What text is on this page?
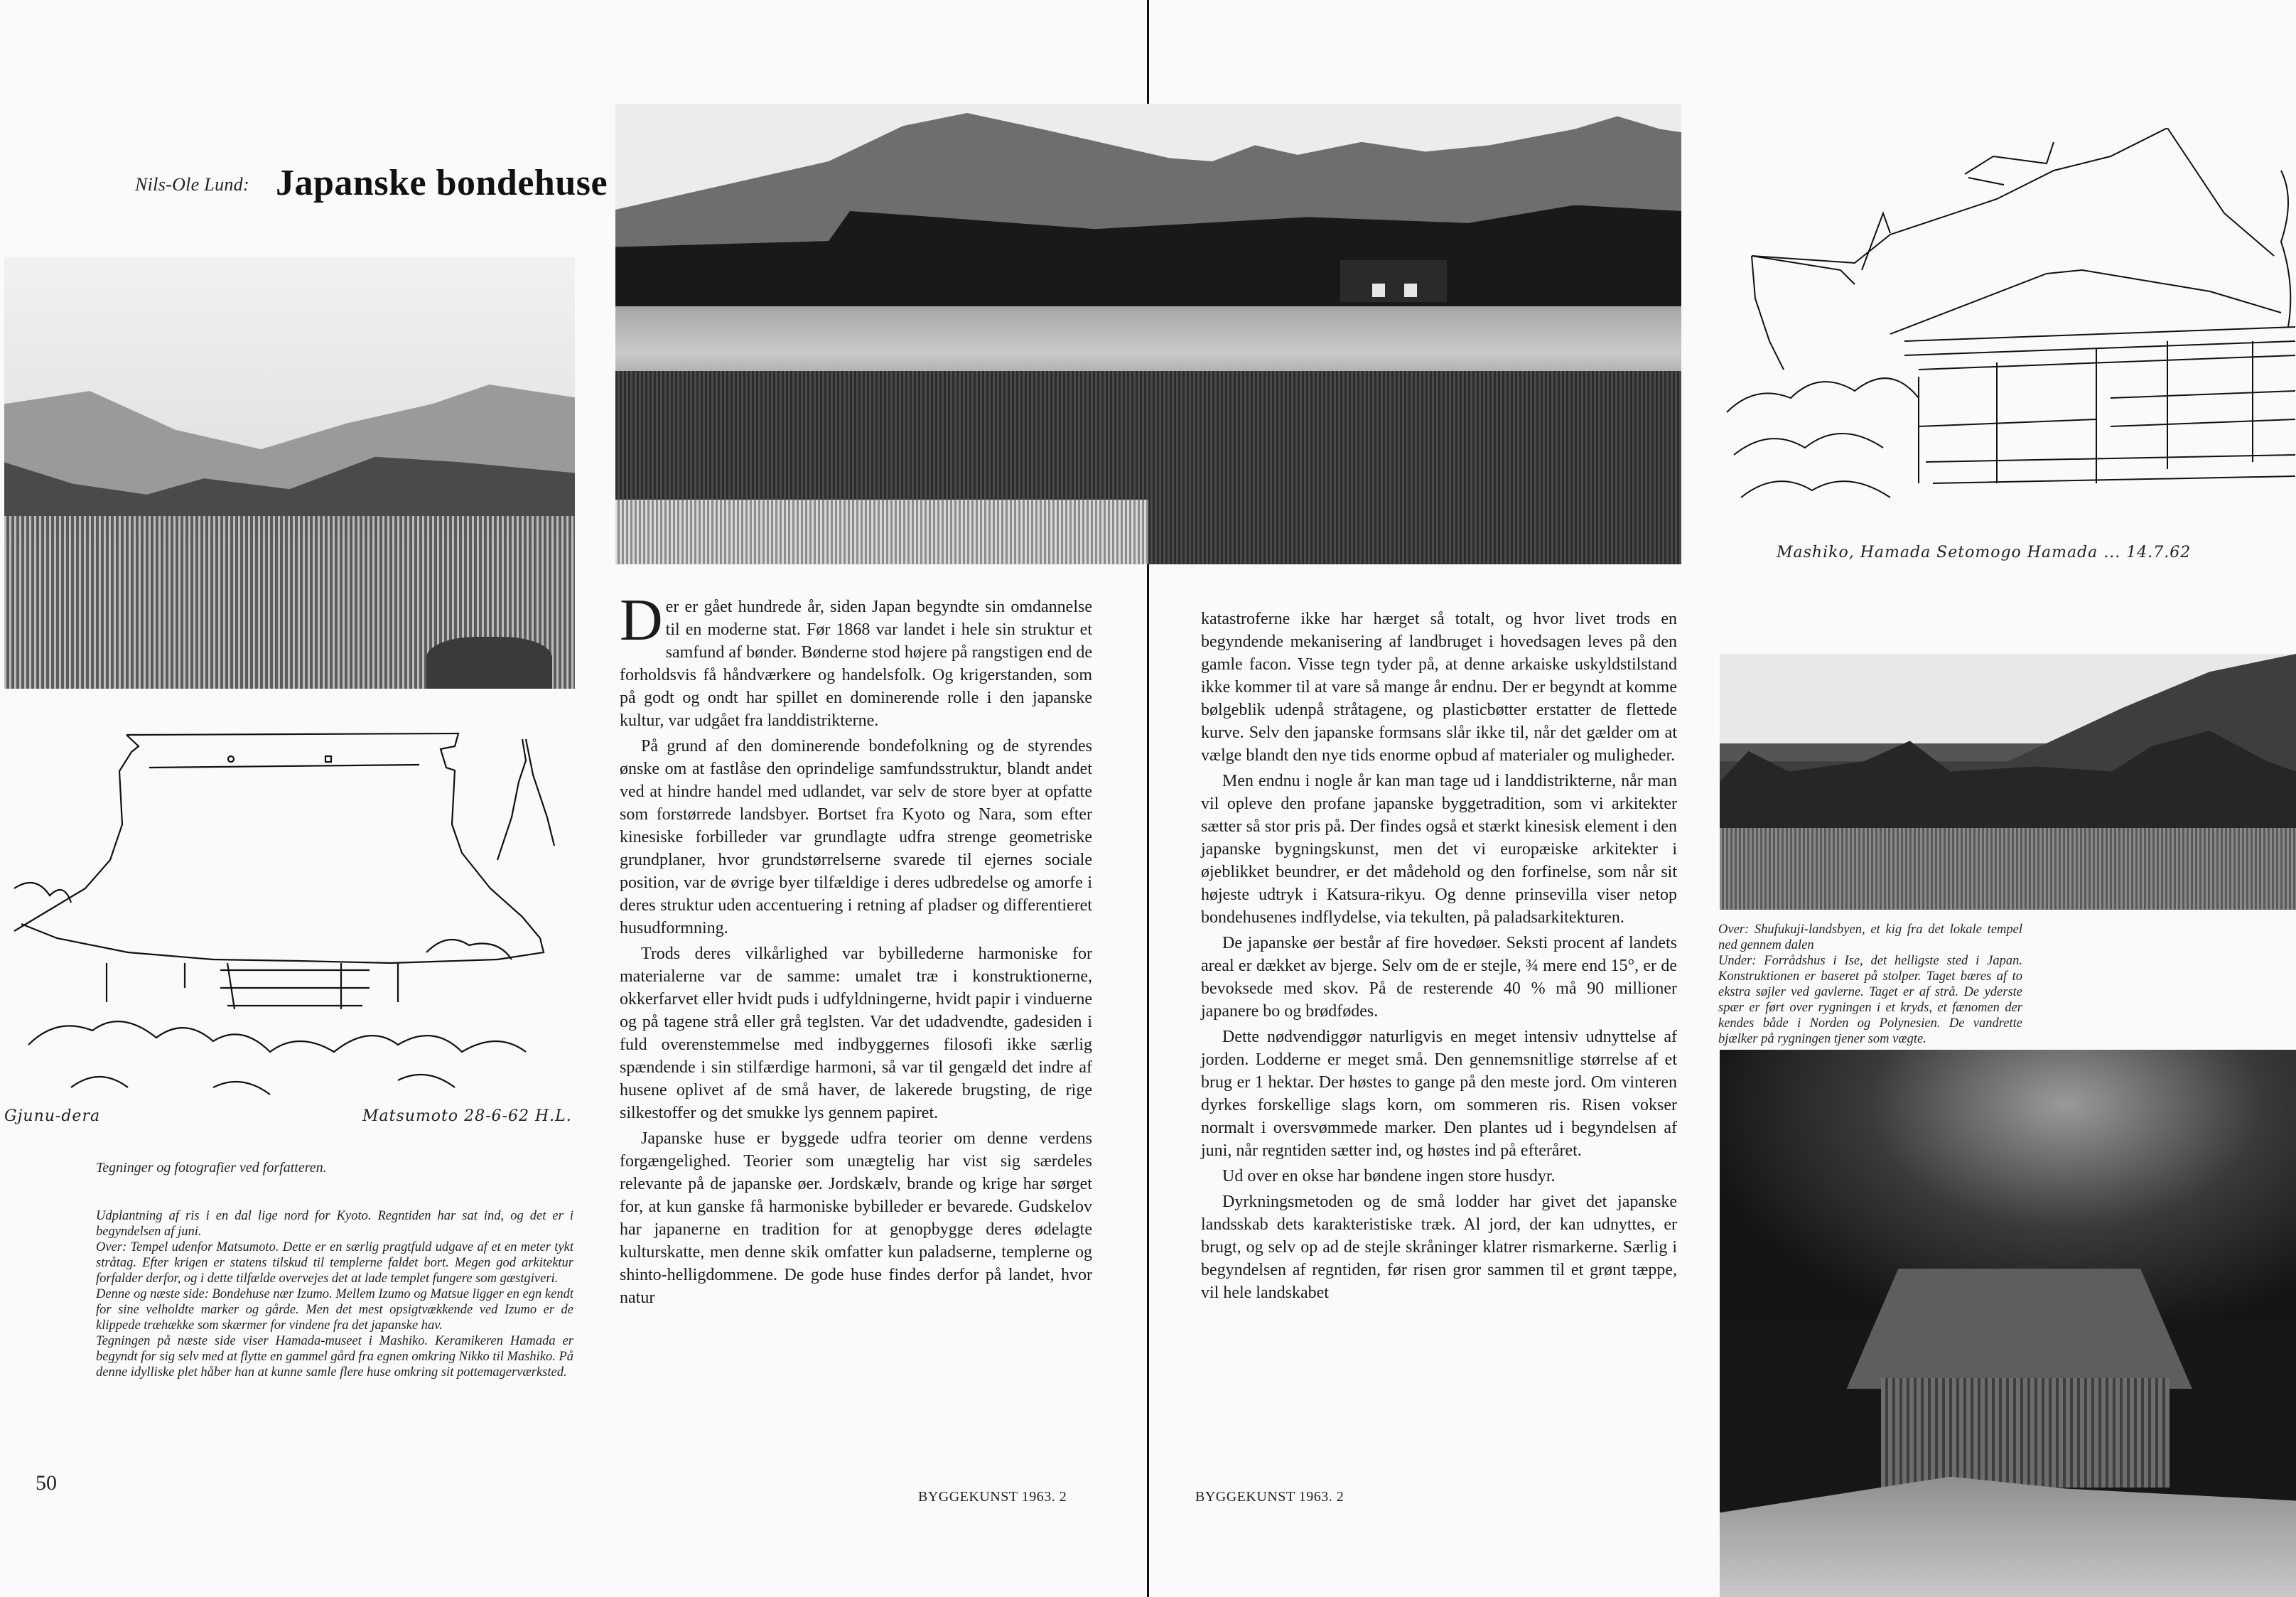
Nils-Ole Lund: Japanske bondehuse
Gjunu-dera	Matsumoto 28-6-62 H.L.
Tegninger og fotografier ved forfatteren.

Udplantning af ris i en dal lige nord for Kyoto. Regntiden har sat ind, og det er i begyndelsen af juni.

Over: Tempel udenfor Matsumoto. Dette er en særlig pragtfuld udgave af et en meter tykt stråtag. Efter krigen er statens tilskud til templerne faldet bort. Megen god arkitektur forfalder derfor, og i dette tilfælde overvejes det at lade templet fungere som gæstgiveri.

Denne og næste side: Bondehuse nær Izumo. Mellem Izumo og Matsue ligger en egn kendt for sine velholdte marker og gårde. Men det mest opsigtvækkende ved Izumo er de klippede træhække som skærmer for vindene fra det japanske hav.

Tegningen på næste side viser Hamada-museet i Mashiko. Keramikeren Hamada er begyndt for sig selv med at flytte en gammel gård fra egnen omkring Nikko til Mashiko. På denne idylliske plet håber han at kunne samle flere huse omkring sit pottemagerværksted.

Der er gået hundrede år, siden Japan begyndte sin omdannelse til en moderne stat. Før 1868 var landet i hele sin struktur et samfund af bønder. Bønderne stod højere på rangstigen end de forholdsvis få håndværkere og handelsfolk. Og krigerstanden, som på godt og ondt har spillet en dominerende rolle i den japanske kultur, var udgået fra landdistrikterne.

På grund af den dominerende bondefolkning og de styrendes ønske om at fastlåse den oprindelige samfundsstruktur, blandt andet ved at hindre handel med udlandet, var selv de store byer at opfatte som forstørrede landsbyer. Bortset fra Kyoto og Nara, som efter kinesiske forbilleder var grundlagte udfra strenge geometriske grundplaner, hvor grundstørrelserne svarede til ejernes sociale position, var de øvrige byer tilfældige i deres udbredelse og amorfe i deres struktur uden accentuering i retning af pladser og differentieret husudformning.

Trods deres vilkårlighed var bybillederne harmoniske for materialerne var de samme: umalet træ i konstruktionerne, okkerfarvet eller hvidt puds i udfyldningerne, hvidt papir i vinduerne og på tagene strå eller grå teglsten. Var det udadvendte, gadesiden i fuld overenstemmelse med indbyggernes filosofi ikke særlig spændende i sin stilfærdige harmoni, så var til gengæld det indre af husene oplivet af de små haver, de lakerede brugsting, de rige silkestoffer og det smukke lys gennem papiret.

Japanske huse er byggede udfra teorier om denne verdens forgængelighed. Teorier som unægtelig har vist sig særdeles relevante på de japanske øer. Jordskælv, brande og krige har sørget for, at kun ganske få harmoniske bybilleder er bevarede. Gudskelov har japanerne en tradition for at genopbygge deres ødelagte kulturskatte, men denne skik omfatter kun paladserne, templerne og shinto-helligdommene. De gode huse findes derfor på landet, hvor natur

katastroferne ikke har hærget så totalt, og hvor livet trods en begyndende mekanisering af landbruget i hovedsagen leves på den gamle facon. Visse tegn tyder på, at denne arkaiske uskyldstilstand ikke kommer til at vare så mange år endnu. Der er begyndt at komme bølgeblik udenpå stråtagene, og plasticbøtter erstatter de flettede kurve. Selv den japanske formsans slår ikke til, når det gælder om at vælge blandt den nye tids enorme opbud af materialer og muligheder.

Men endnu i nogle år kan man tage ud i landdistrikterne, når man vil opleve den profane japanske byggetradition, som vi arkitekter sætter så stor pris på. Der findes også et stærkt kinesisk element i den japanske bygningskunst, men det vi europæiske arkitekter i øjeblikket beundrer, er det mådehold og den forfinelse, som når sit højeste udtryk i Katsura-rikyu. Og denne prinsevilla viser netop bondehusenes indflydelse, via tekulten, på paladsarkitekturen.

De japanske øer består af fire hovedøer. Seksti procent af landets areal er dækket av bjerge. Selv om de er stejle, ¾ mere end 15°, er de bevoksede med skov. På de resterende 40 % må 90 millioner japanere bo og brødfødes.

Dette nødvendiggør naturligvis en meget intensiv udnyttelse af jorden. Lodderne er meget små. Den gennemsnitlige størrelse af et brug er 1 hektar. Der høstes to gange på den meste jord. Om vinteren dyrkes forskellige slags korn, om sommeren ris. Risen vokser normalt i oversvømmede marker. Den plantes ud i begyndelsen af juni, når regntiden sætter ind, og høstes ind på efteråret.

Ud over en okse har bøndene ingen store husdyr.

Dyrkningsmetoden og de små lodder har givet det japanske landsskab dets karakteristiske træk. Al jord, der kan udnyttes, er brugt, og selv op ad de stejle skråninger klatrer rismarkerne. Særlig i begyndelsen af regntiden, før risen gror sammen til et grønt tæppe, vil hele landskabet

Mashiko, Hamada Setomogo Hamada ... 14.7.62

Over: Shufukuji-landsbyen, et kig fra det lokale tempel ned gennem dalen

Under: Forrådshus i Ise, det helligste sted i Japan. Konstruktionen er baseret på stolper. Taget bæres af to ekstra søjler ved gavlerne. Taget er af strå. De yderste spær er ført over rygningen i et kryds, et fænomen der kendes både i Norden og Polynesien. De vandrette bjælker på rygningen tjener som vægte.

50
BYGGEKUNST 1963. 2	BYGGEKUNST 1963. 2
